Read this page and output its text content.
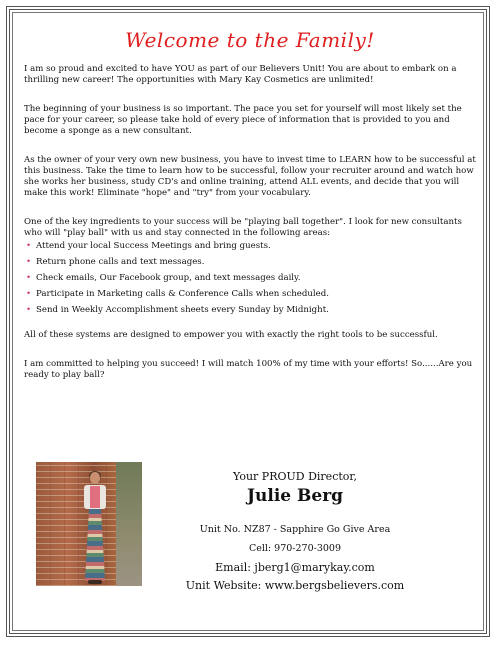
Welcome to the Family!

I am so proud and excited to have YOU as part of our Believers Unit! You are about to embark on a thrilling new career! The opportunities with Mary Kay Cosmetics are unlimited!

The beginning of your business is so important. The pace you set for yourself will most likely set the pace for your career, so please take hold of every piece of information that is provided to you and become a sponge as a new consultant.

As the owner of your very own new business, you have to invest time to LEARN how to be successful at this business. Take the time to learn how to be successful, follow your recruiter around and watch how she works her business, study CD's and online training, attend ALL events, and decide that you will make this work! Eliminate "hope" and "try" from your vocabulary.

One of the key ingredients to your success will be "playing ball together". I look for new consultants who will "play ball" with us and stay connected in the following areas:

• Attend your local Success Meetings and bring guests.
• Return phone calls and text messages.
• Check emails, Our Facebook group, and text messages daily.
• Participate in Marketing calls & Conference Calls when scheduled.
• Send in Weekly Accomplishment sheets every Sunday by Midnight.

All of these systems are designed to empower you with exactly the right tools to be successful.

I am committed to helping you succeed! I will match 100% of my time with your efforts! So......Are you ready to play ball?

Your PROUD Director,
Julie Berg
Unit No. NZ87 - Sapphire Go Give Area
Cell: 970-270-3009
Email: jberg1@marykay.com
Unit Website: www.bergsbelievers.com
